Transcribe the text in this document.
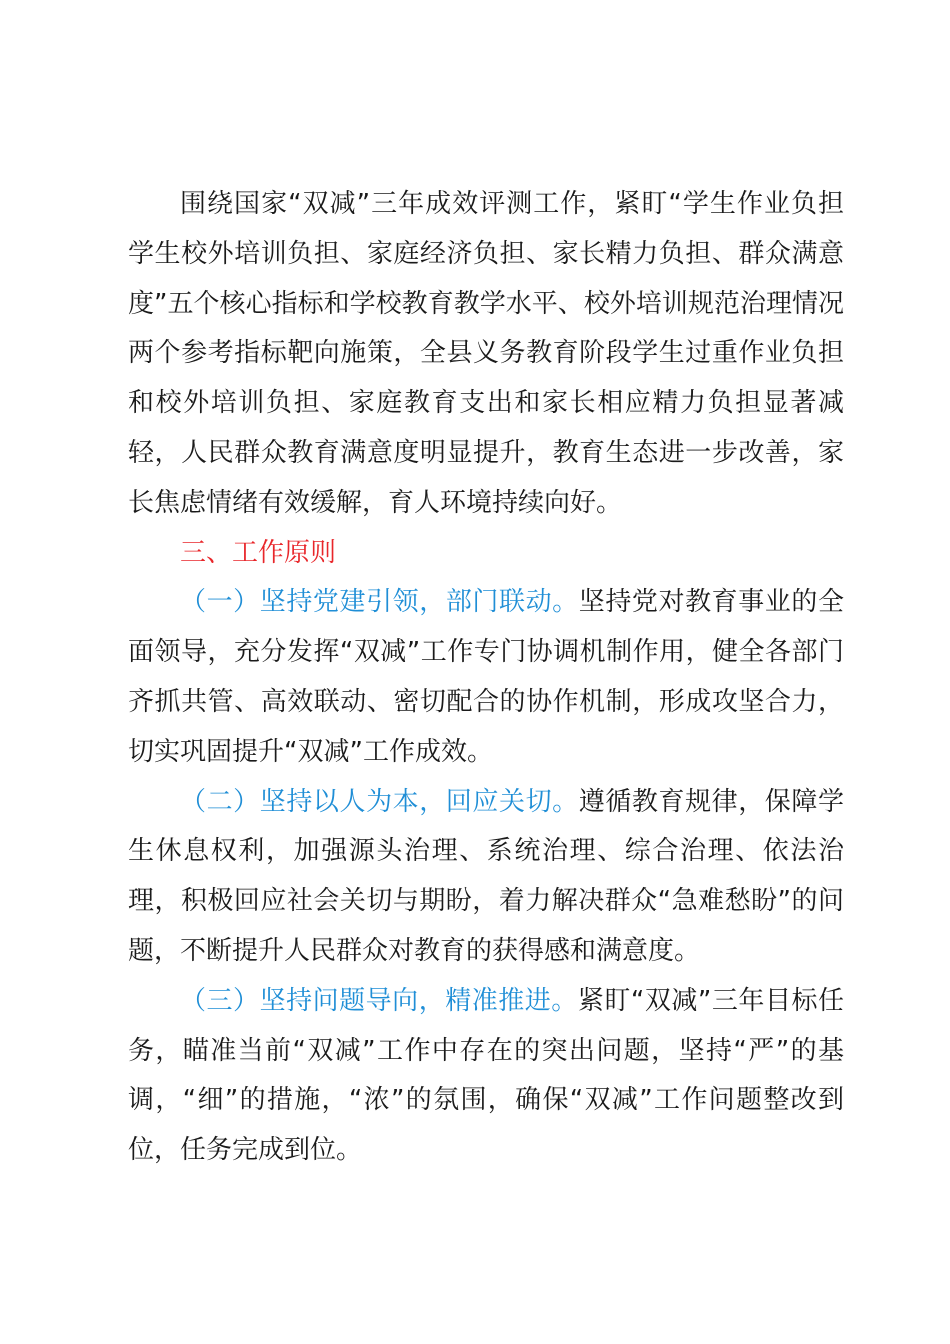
围绕国家“双减”三年成效评测工作，紧盯“学生作业负担学生校外培训负担、家庭经济负担、家长精力负担、群众满意度”五个核心指标和学校教育教学水平、校外培训规范治理情况两个参考指标靶向施策，全县义务教育阶段学生过重作业负担和校外培训负担、家庭教育支出和家长相应精力负担显著减轻，人民群众教育满意度明显提升，教育生态进一步改善，家长焦虑情绪有效缓解，育人环境持续向好。

三、工作原则

（一）坚持党建引领，部门联动。坚持党对教育事业的全面领导，充分发挥“双减”工作专门协调机制作用，健全各部门齐抓共管、高效联动、密切配合的协作机制，形成攻坚合力，切实巩固提升“双减”工作成效。

（二）坚持以人为本，回应关切。遵循教育规律，保障学生休息权利，加强源头治理、系统治理、综合治理、依法治理，积极回应社会关切与期盼，着力解决群众“急难愁盼”的问题，不断提升人民群众对教育的获得感和满意度。

（三）坚持问题导向，精准推进。紧盯“双减”三年目标任务，瞄准当前“双减”工作中存在的突出问题，坚持“严”的基调，“细”的措施，“浓”的氛围，确保“双减”工作问题整改到位，任务完成到位。
